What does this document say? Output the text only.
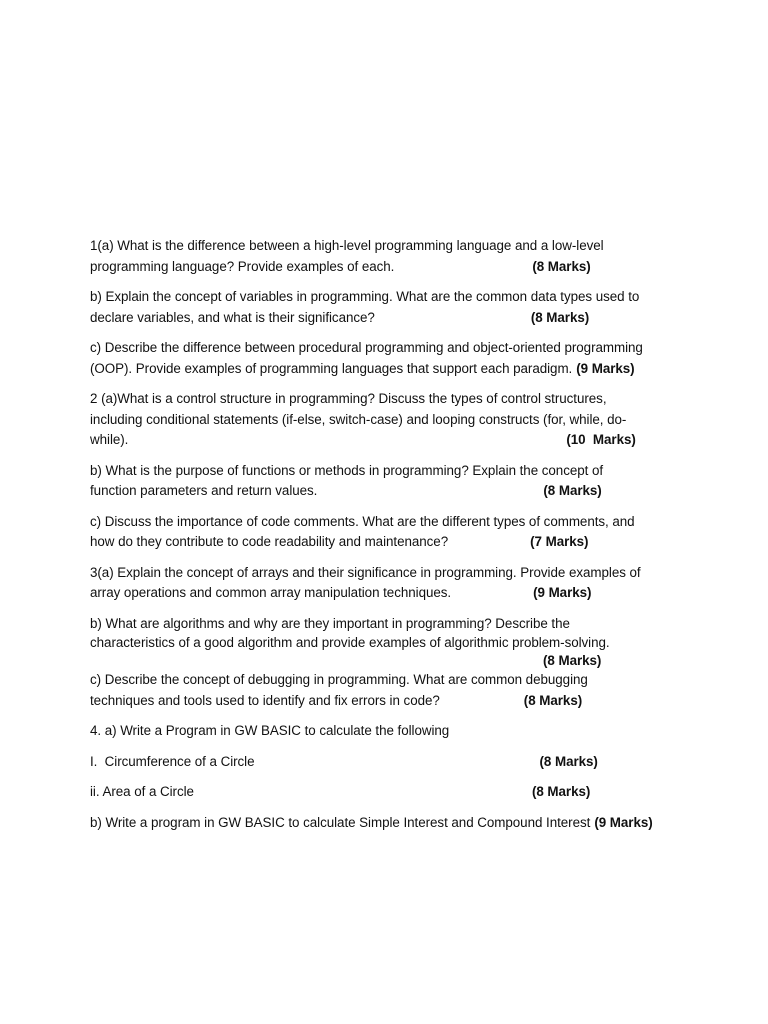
1(a) What is the difference between a high-level programming language and a low-level
programming language? Provide examples of each.	(8 Marks)

b) Explain the concept of variables in programming. What are the common data types used to
declare variables, and what is their significance?	(8 Marks)

c) Describe the difference between procedural programming and object-oriented programming
(OOP). Provide examples of programming languages that support each paradigm. (9 Marks)

2 (a)What is a control structure in programming? Discuss the types of control structures,
including conditional statements (if-else, switch-case) and looping constructs (for, while, do-
while).	(10  Marks)

b) What is the purpose of functions or methods in programming? Explain the concept of
function parameters and return values.	(8 Marks)

c) Discuss the importance of code comments. What are the different types of comments, and
how do they contribute to code readability and maintenance?	(7 Marks)

3(a) Explain the concept of arrays and their significance in programming. Provide examples of
array operations and common array manipulation techniques.	(9 Marks)

b) What are algorithms and why are they important in programming? Describe the
characteristics of a good algorithm and provide examples of algorithmic problem-solving.
(8 Marks)

c) Describe the concept of debugging in programming. What are common debugging
techniques and tools used to identify and fix errors in code?	(8 Marks)

4. a) Write a Program in GW BASIC to calculate the following

I.  Circumference of a Circle	(8 Marks)

ii. Area of a Circle	(8 Marks)

b) Write a program in GW BASIC to calculate Simple Interest and Compound Interest (9 Marks)
